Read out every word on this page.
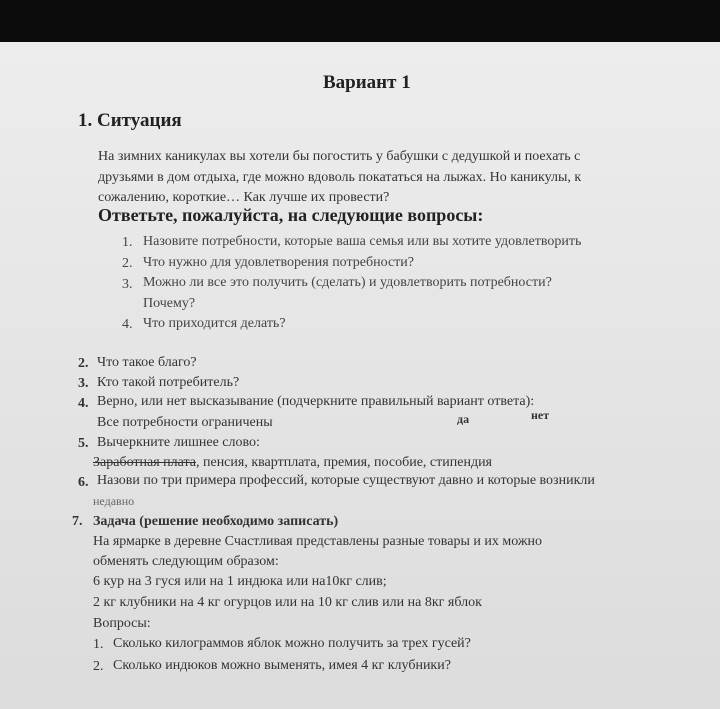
Вариант 1
1. Ситуация
На зимних каникулах вы хотели бы погостить у бабушки с дедушкой и поехать с
друзьями в дом отдыха, где можно вдоволь покататься на лыжах. Но каникулы, к
сожалению, короткие… Как лучше их провести?
Ответьте, пожалуйста, на следующие вопросы:
1. Назовите потребности, которые ваша семья или вы хотите удовлетворить
2. Что нужно для удовлетворения потребности?
3. Можно ли все это получить (сделать) и удовлетворить потребности?
Почему?
4. Что приходится делать?
2. Что такое благо?
3. Кто такой потребитель?
4. Верно, или нет высказывание (подчеркните правильный вариант ответа):
Все потребности ограничены	да	нет
5. Вычеркните лишнее слово:
Заработная плата, пенсия, квартплата, премия, пособие, стипендия
6. Назови по три примера профессий, которые существуют давно и которые возникли
недавно
7. Задача (решение необходимо записать)
На ярмарке в деревне Счастливая представлены разные товары и их можно
обменять следующим образом:
6 кур на 3 гуся или на 1 индюка или на10кг слив;
2 кг клубники на 4 кг огурцов или на 10 кг слив или на 8кг яблок
Вопросы:
1. Сколько килограммов яблок можно получить за трех гусей?
2. Сколько индюков можно выменять, имея 4 кг клубники?
